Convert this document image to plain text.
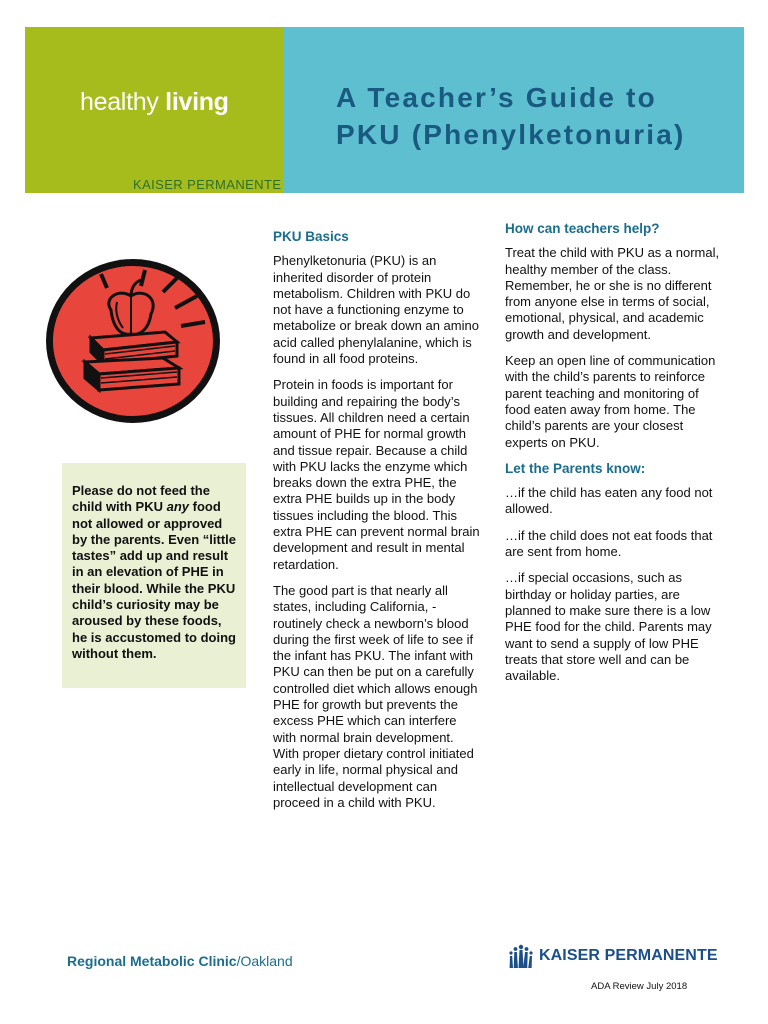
healthy living
KAISER PERMANENTE
A Teacher’s Guide to
PKU (Phenylketonuria)

Please do not feed the child with PKU any food not allowed or approved by the parents. Even “little tastes” add up and result in an elevation of PHE in their blood. While the PKU child’s curiosity may be aroused by these foods, he is accustomed to doing without them.

PKU Basics

Phenylketonuria (PKU) is an inherited disorder of protein metabolism. Children with PKU do not have a functioning enzyme to metabolize or break down an amino acid called phenylalanine, which is found in all food proteins.

Protein in foods is important for building and repairing the body’s tissues. All children need a certain amount of PHE for normal growth and tissue repair. Because a child with PKU lacks the enzyme which breaks down the extra PHE, the extra PHE builds up in the body tissues including the blood. This extra PHE can prevent normal brain development and result in mental retardation.

The good part is that nearly all states, including California, -routinely check a newborn’s blood during the first week of life to see if the infant has PKU. The infant with PKU can then be put on a carefully controlled diet which allows enough PHE for growth but prevents the excess PHE which can interfere with normal brain development. With proper dietary control initiated early in life, normal physical and intellectual development can proceed in a child with PKU.

How can teachers help?

Treat the child with PKU as a normal, healthy member of the class. Remember, he or she is no different from anyone else in terms of social, emotional, physical, and academic growth and development.

Keep an open line of communication with the child’s parents to reinforce parent teaching and monitoring of food eaten away from home. The child’s parents are your closest experts on PKU.

Let the Parents know:

…if the child has eaten any food not allowed.

…if the child does not eat foods that are sent from home.

…if special occasions, such as birthday or holiday parties, are planned to make sure there is a low PHE food for the child. Parents may want to send a supply of low PHE treats that store well and can be available.

Regional Metabolic Clinic/Oakland	KAISER PERMANENTE
ADA Review July 2018
